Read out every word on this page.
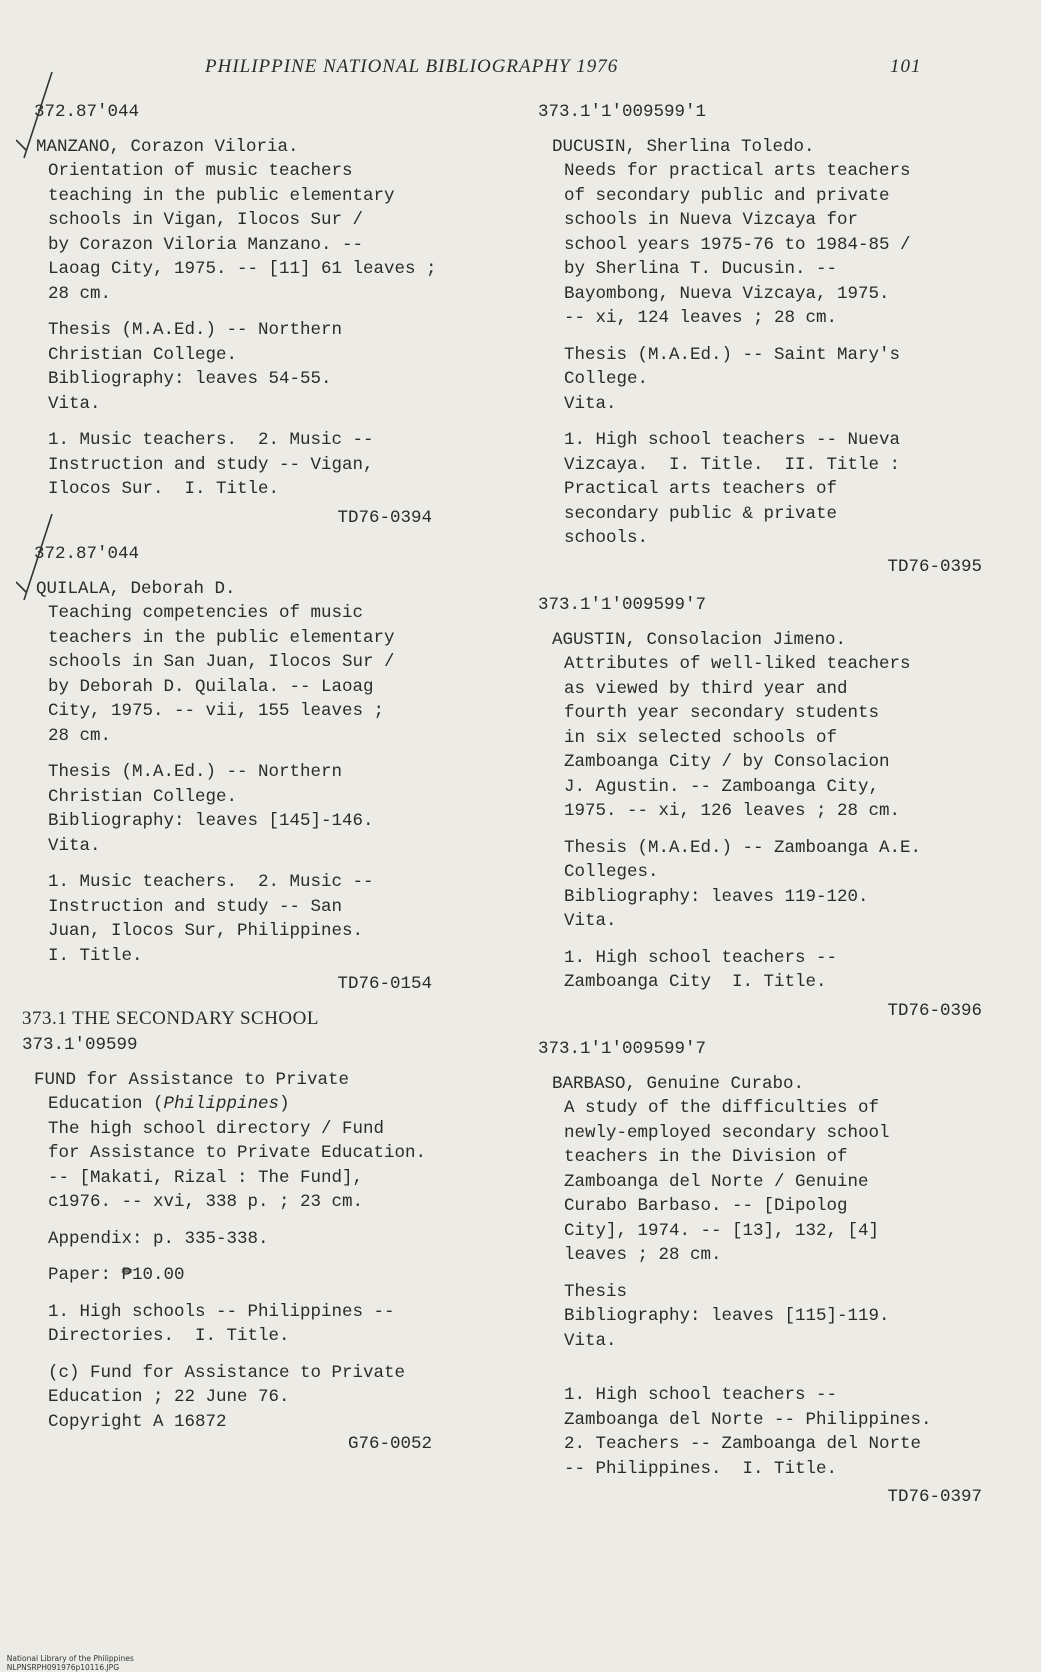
PHILIPPINE NATIONAL BIBLIOGRAPHY 1976	101
372.87'044
MANZANO, Corazon Viloria.
Orientation of music teachers
teaching in the public elementary
schools in Vigan, Ilocos Sur /
by Corazon Viloria Manzano. --
Laoag City, 1975. -- [11] 61 leaves ;
28 cm.
Thesis (M.A.Ed.) -- Northern
Christian College.
Bibliography: leaves 54-55.
Vita.
1. Music teachers.  2. Music --
Instruction and study -- Vigan,
Ilocos Sur.  I. Title.
TD76-0394
372.87'044
QUILALA, Deborah D.
Teaching competencies of music
teachers in the public elementary
schools in San Juan, Ilocos Sur /
by Deborah D. Quilala. -- Laoag
City, 1975. -- vii, 155 leaves ;
28 cm.
Thesis (M.A.Ed.) -- Northern
Christian College.
Bibliography: leaves [145]-146.
Vita.
1. Music teachers.  2. Music --
Instruction and study -- San
Juan, Ilocos Sur, Philippines.
I. Title.
TD76-0154
373.1 THE SECONDARY SCHOOL
373.1'09599
FUND for Assistance to Private
Education (Philippines)
The high school directory / Fund
for Assistance to Private Education.
-- [Makati, Rizal : The Fund],
c1976. -- xvi, 338 p. ; 23 cm.
Appendix: p. 335-338.
Paper: ₱10.00
1. High schools -- Philippines --
Directories.  I. Title.
(c) Fund for Assistance to Private
Education ; 22 June 76.
Copyright A 16872
G76-0052
373.1'1'009599'1
DUCUSIN, Sherlina Toledo.
Needs for practical arts teachers
of secondary public and private
schools in Nueva Vizcaya for
school years 1975-76 to 1984-85 /
by Sherlina T. Ducusin. --
Bayombong, Nueva Vizcaya, 1975.
-- xi, 124 leaves ; 28 cm.
Thesis (M.A.Ed.) -- Saint Mary's
College.
Vita.
1. High school teachers -- Nueva
Vizcaya.  I. Title.  II. Title :
Practical arts teachers of
secondary public & private
schools.
TD76-0395
373.1'1'009599'7
AGUSTIN, Consolacion Jimeno.
Attributes of well-liked teachers
as viewed by third year and
fourth year secondary students
in six selected schools of
Zamboanga City / by Consolacion
J. Agustin. -- Zamboanga City,
1975. -- xi, 126 leaves ; 28 cm.
Thesis (M.A.Ed.) -- Zamboanga A.E.
Colleges.
Bibliography: leaves 119-120.
Vita.
1. High school teachers --
Zamboanga City  I. Title.
TD76-0396
373.1'1'009599'7
BARBASO, Genuine Curabo.
A study of the difficulties of
newly-employed secondary school
teachers in the Division of
Zamboanga del Norte / Genuine
Curabo Barbaso. -- [Dipolog
City], 1974. -- [13], 132, [4]
leaves ; 28 cm.
Thesis
Bibliography: leaves [115]-119.
Vita.
1. High school teachers --
Zamboanga del Norte -- Philippines.
2. Teachers -- Zamboanga del Norte
-- Philippines.  I. Title.
TD76-0397

National Library of the Philippines
NLPNSRPH091976p10116.JPG
